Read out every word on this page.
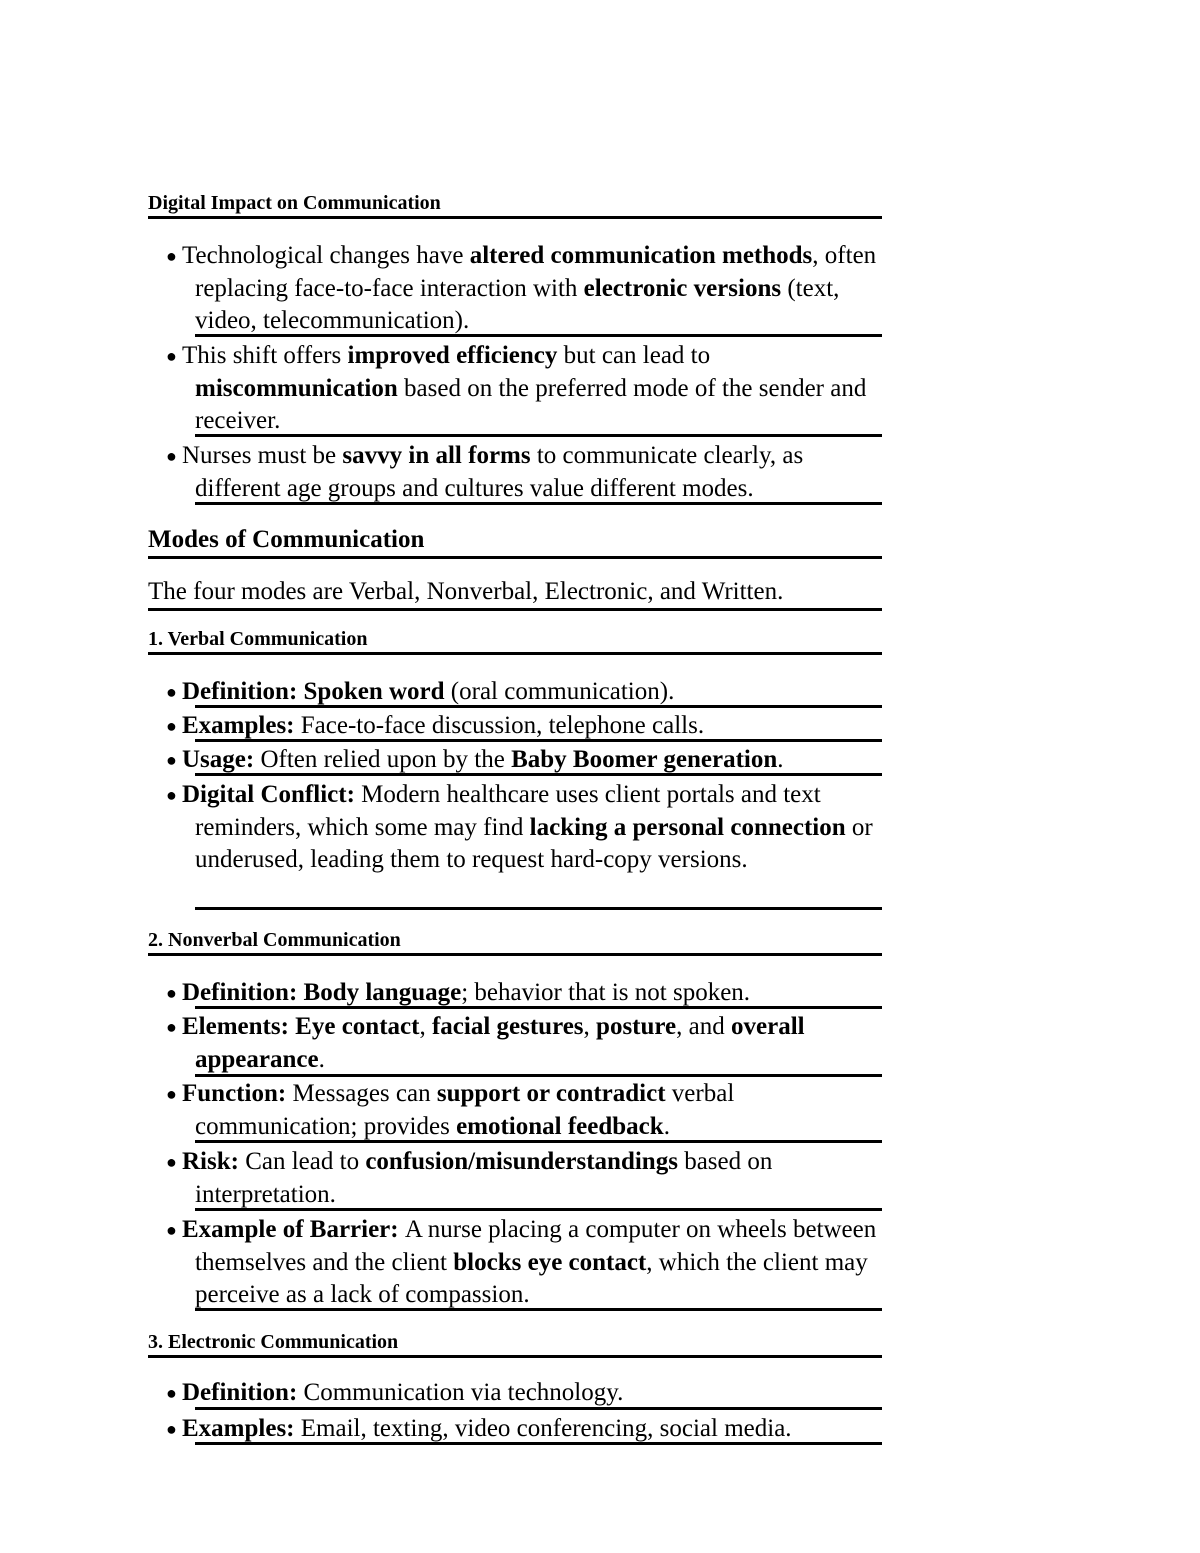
Digital Impact on Communication
● Technological changes have altered communication methods, often replacing face-to-face interaction with electronic versions (text, video, telecommunication).
● This shift offers improved efficiency but can lead to miscommunication based on the preferred mode of the sender and receiver.
● Nurses must be savvy in all forms to communicate clearly, as different age groups and cultures value different modes.
Modes of Communication
The four modes are Verbal, Nonverbal, Electronic, and Written.
1. Verbal Communication
● Definition: Spoken word (oral communication).
● Examples: Face-to-face discussion, telephone calls.
● Usage: Often relied upon by the Baby Boomer generation.
● Digital Conflict: Modern healthcare uses client portals and text reminders, which some may find lacking a personal connection or underused, leading them to request hard-copy versions.
2. Nonverbal Communication
● Definition: Body language; behavior that is not spoken.
● Elements: Eye contact, facial gestures, posture, and overall appearance.
● Function: Messages can support or contradict verbal communication; provides emotional feedback.
● Risk: Can lead to confusion/misunderstandings based on interpretation.
● Example of Barrier: A nurse placing a computer on wheels between themselves and the client blocks eye contact, which the client may perceive as a lack of compassion.
3. Electronic Communication
● Definition: Communication via technology.
● Examples: Email, texting, video conferencing, social media.
